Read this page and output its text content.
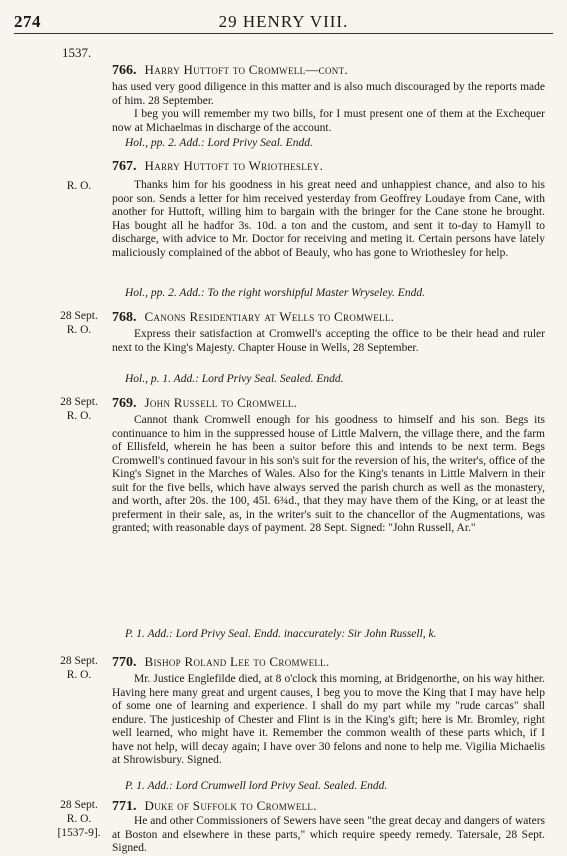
274	29 HENRY VIII.
1537.
766. Harry Huttoft to Cromwell—cont.

has used very good diligence in this matter and is also much discouraged by the reports made of him. 28 September.

I beg you will remember my two bills, for I must present one of them at the Exchequer now at Michaelmas in discharge of the account.

Hol., pp. 2. Add.: Lord Privy Seal. Endd.
R. O.
767. Harry Huttoft to Wriothesley.

Thanks him for his goodness in his great need and unhappiest chance, and also to his poor son. Sends a letter for him received yesterday from Geoffrey Loudaye from Cane, with another for Huttoft, willing him to bargain with the bringer for the Cane stone he brought. Has bought all he hadfor 3s. 10d. a ton and the custom, and sent it to-day to Hamyll to discharge, with advice to Mr. Doctor for receiving and meting it. Certain persons have lately maliciously complained of the abbot of Beauly, who has gone to Wriothesley for help.

Hol., pp. 2. Add.: To the right worshipful Master Wryseley. Endd.
28 Sept.
R. O.
768. Canons Residentiary at Wells to Cromwell.

Express their satisfaction at Cromwell's accepting the office to be their head and ruler next to the King's Majesty. Chapter House in Wells, 28 September.

Hol., p. 1. Add.: Lord Privy Seal. Sealed. Endd.
28 Sept.
R. O.
769. John Russell to Cromwell.

Cannot thank Cromwell enough for his goodness to himself and his son. Begs its continuance to him in the suppressed house of Little Malvern, the village there, and the farm of Ellisfeld, wherein he has been a suitor before this and intends to be next term. Begs Cromwell's continued favour in his son's suit for the reversion of his, the writer's, office of the King's Signet in the Marches of Wales. Also for the King's tenants in Little Malvern in their suit for the five bells, which have always served the parish church as well as the monastery, and worth, after 20s. the 100, 45l. 6¾d., that they may have them of the King, or at least the preferment in their sale, as, in the writer's suit to the chancellor of the Augmentations, was granted; with reasonable days of payment. 28 Sept. Signed: "John Russell, Ar."

P. 1. Add.: Lord Privy Seal. Endd. inaccurately: Sir John Russell, k.
28 Sept.
R. O.
770. Bishop Roland Lee to Cromwell.

Mr. Justice Englefilde died, at 8 o'clock this morning, at Bridgenorthe, on his way hither. Having here many great and urgent causes, I beg you to move the King that I may have help of some one of learning and experience. I shall do my part while my "rude carcas" shall endure. The justiceship of Chester and Flint is in the King's gift; here is Mr. Bromley, right well learned, who might have it. Remember the common wealth of these parts which, if I have not help, will decay again; I have over 30 felons and none to help me. Vigilia Michaelis at Shrowisbury. Signed.

P. 1. Add.: Lord Crumwell lord Privy Seal. Sealed. Endd.
28 Sept.
R. O.
[1537-9].
771. Duke of Suffolk to Cromwell.

He and other Commissioners of Sewers have seen "the great decay and dangers of waters at Boston and elsewhere in these parts," which require speedy remedy. Tatersale, 28 Sept. Signed.
